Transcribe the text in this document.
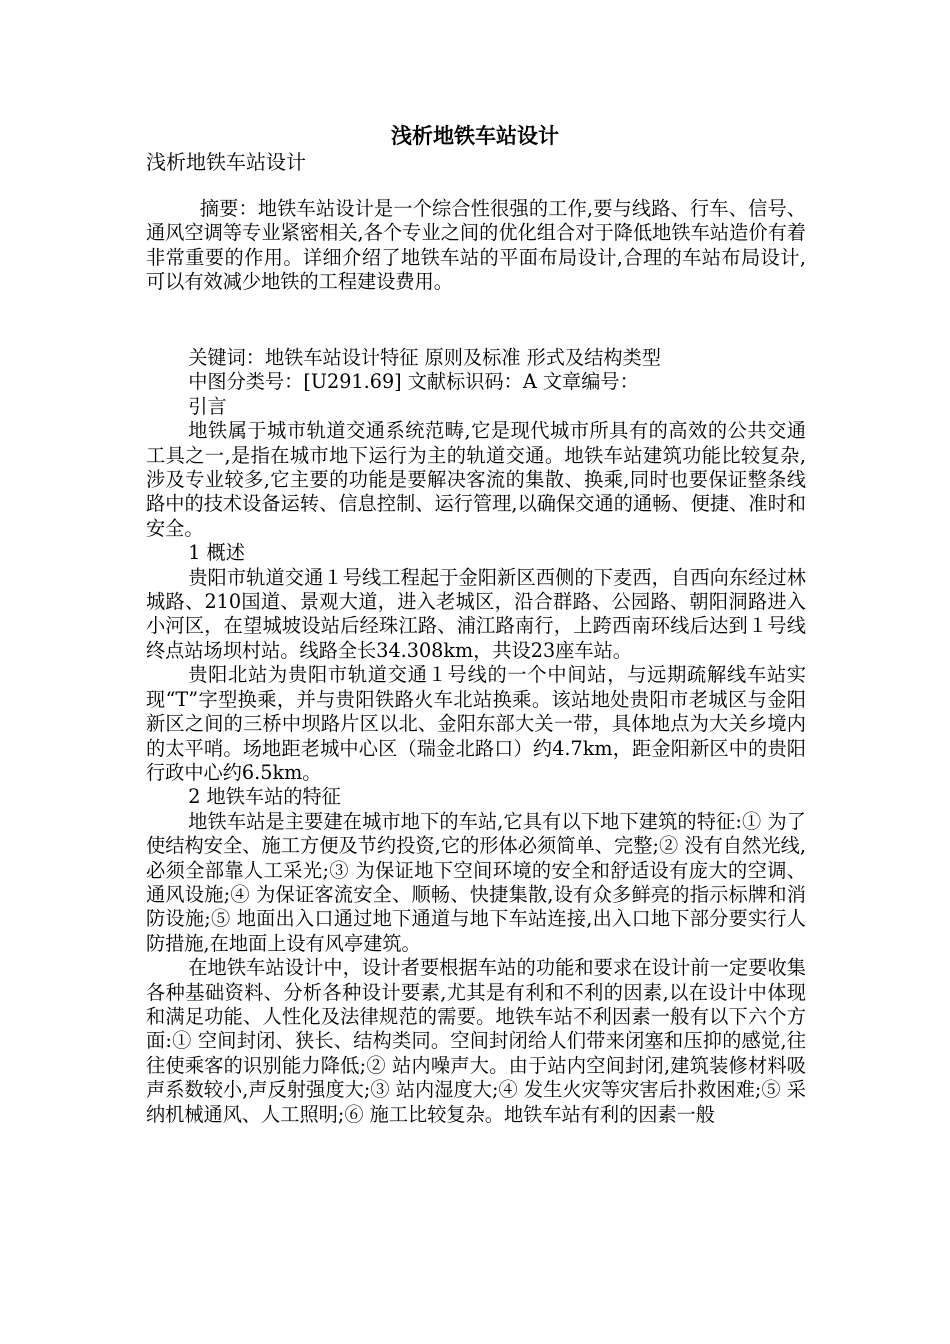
浅析地铁车站设计
浅析地铁车站设计

摘要：地铁车站设计是一个综合性很强的工作,要与线路、行车、信号、通风空调等专业紧密相关,各个专业之间的优化组合对于降低地铁车站造价有着非常重要的作用。详细介绍了地铁车站的平面布局设计,合理的车站布局设计,可以有效减少地铁的工程建设费用。

关键词：地铁车站设计特征 原则及标准 形式及结构类型

中图分类号：[U291.69] 文献标识码：A 文章编号：

引言

地铁属于城市轨道交通系统范畴,它是现代城市所具有的高效的公共交通工具之一,是指在城市地下运行为主的轨道交通。地铁车站建筑功能比较复杂,涉及专业较多,它主要的功能是要解决客流的集散、换乘,同时也要保证整条线路中的技术设备运转、信息控制、运行管理,以确保交通的通畅、便捷、准时和安全。

1 概述

贵阳市轨道交通１号线工程起于金阳新区西侧的下麦西，自西向东经过林城路、210国道、景观大道，进入老城区，沿合群路、公园路、朝阳洞路进入小河区，在望城坡设站后经珠江路、浦江路南行，上跨西南环线后达到１号线终点站场坝村站。线路全长34.308km，共设23座车站。

贵阳北站为贵阳市轨道交通１号线的一个中间站，与远期疏解线车站实现“T”字型换乘，并与贵阳铁路火车北站换乘。该站地处贵阳市老城区与金阳新区之间的三桥中坝路片区以北、金阳东部大关一带，具体地点为大关乡境内的太平哨。场地距老城中心区（瑞金北路口）约4.7km，距金阳新区中的贵阳行政中心约6.5km。

2 地铁车站的特征

地铁车站是主要建在城市地下的车站,它具有以下地下建筑的特征:① 为了使结构安全、施工方便及节约投资,它的形体必须简单、完整;② 没有自然光线,必须全部靠人工采光;③ 为保证地下空间环境的安全和舒适设有庞大的空调、通风设施;④ 为保证客流安全、顺畅、快捷集散,设有众多鲜亮的指示标牌和消防设施;⑤ 地面出入口通过地下通道与地下车站连接,出入口地下部分要实行人防措施,在地面上设有风亭建筑。

在地铁车站设计中，设计者要根据车站的功能和要求在设计前一定要收集各种基础资料、分析各种设计要素,尤其是有利和不利的因素,以在设计中体现和满足功能、人性化及法律规范的需要。地铁车站不利因素一般有以下六个方面:① 空间封闭、狭长、结构类同。空间封闭给人们带来闭塞和压抑的感觉,往往使乘客的识别能力降低;② 站内噪声大。由于站内空间封闭,建筑装修材料吸声系数较小,声反射强度大;③ 站内湿度大;④ 发生火灾等灾害后扑救困难;⑤ 采纳机械通风、人工照明;⑥ 施工比较复杂。地铁车站有利的因素一般
